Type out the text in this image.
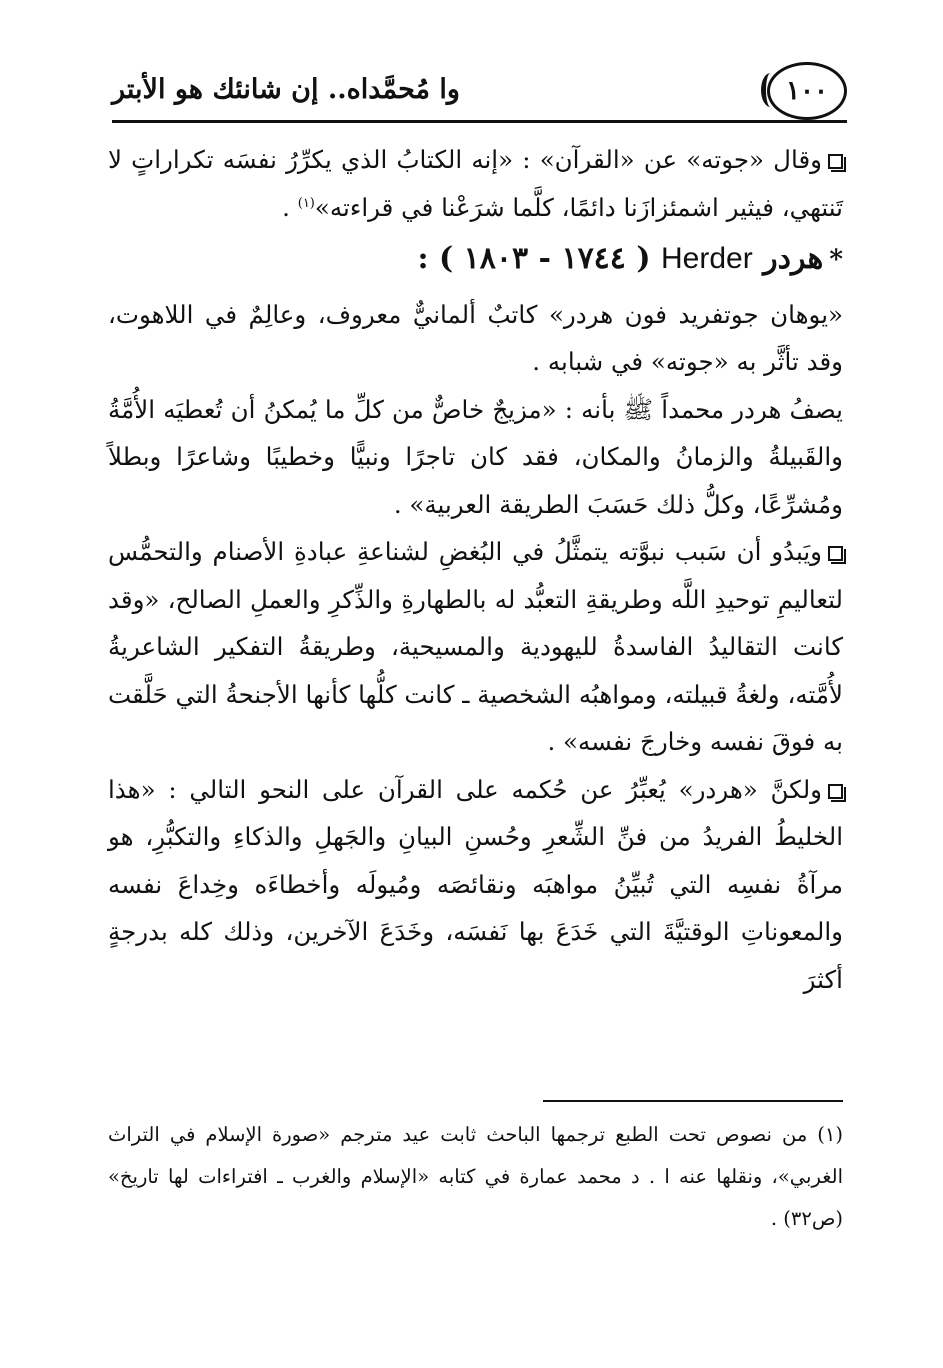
١٠٠
وا مُحمَّداه.. إن شانئك هو الأبتر

وقال «جوته» عن «القرآن» : «إنه الكتابُ الذي يكرِّرُ نفسَه تكراراتٍ لا تَنتهي، فيثير اشمئزازَنا دائمًا، كلَّما شرَعْنا في قراءته»$^{(١)}$ .

*هردر Herder ( ١٧٤٤ - ١٨٠٣ ) :

«يوهان جوتفريد فون هردر» كاتبٌ ألمانيٌّ معروف، وعالِمٌ في اللاهوت، وقد تأثَّر به «جوته» في شبابه .

يصفُ هردر محمداً ﷺ بأنه : «مزيجٌ خاصٌّ من كلِّ ما يُمكنُ أن تُعطيَه الأُمَّةُ والقَبيلةُ والزمانُ والمكان، فقد كان تاجرًا ونبيًّا وخطيبًا وشاعرًا وبطلاً ومُشرِّعًا، وكلُّ ذلك حَسَبَ الطريقة العربية» .

ويَبدُو أن سَبب نبوَّته يتمثَّلُ في البُغضِ لشناعةِ عبادةِ الأصنام والتحمُّس لتعاليمِ توحيدِ اللَّه وطريقةِ التعبُّد له بالطهارةِ والذِّكرِ والعملِ الصالح، «وقد كانت التقاليدُ الفاسدةُ لليهودية والمسيحية، وطريقةُ التفكير الشاعريةُ لأُمَّته، ولغةُ قبيلته، ومواهبُه الشخصية ـ كانت كلُّها كأنها الأجنحةُ التي حَلَّقت به فوقَ نفسه وخارجَ نفسه» .

ولكنَّ «هردر» يُعبِّرُ عن حُكمه على القرآن على النحو التالي : «هذا الخليطُ الفريدُ من فنِّ الشِّعرِ وحُسنِ البيانِ والجَهلِ والذكاءِ والتكبُّرِ، هو مرآةُ نفسِه التي تُبيِّنُ مواهبَه ونقائصَه ومُيولَه وأخطاءَه وخِداعَ نفسه والمعوناتِ الوقتيَّةَ التي خَدَعَ بها نَفسَه، وخَدَعَ الآخرين، وذلك كله بدرجةٍ أكثرَ

(١) من نصوص تحت الطبع ترجمها الباحث ثابت عيد مترجم «صورة الإسلام في التراث الغربي»، ونقلها عنه ا . د محمد عمارة في كتابه «الإسلام والغرب ـ افتراءات لها تاريخ» (ص٣٢) .
